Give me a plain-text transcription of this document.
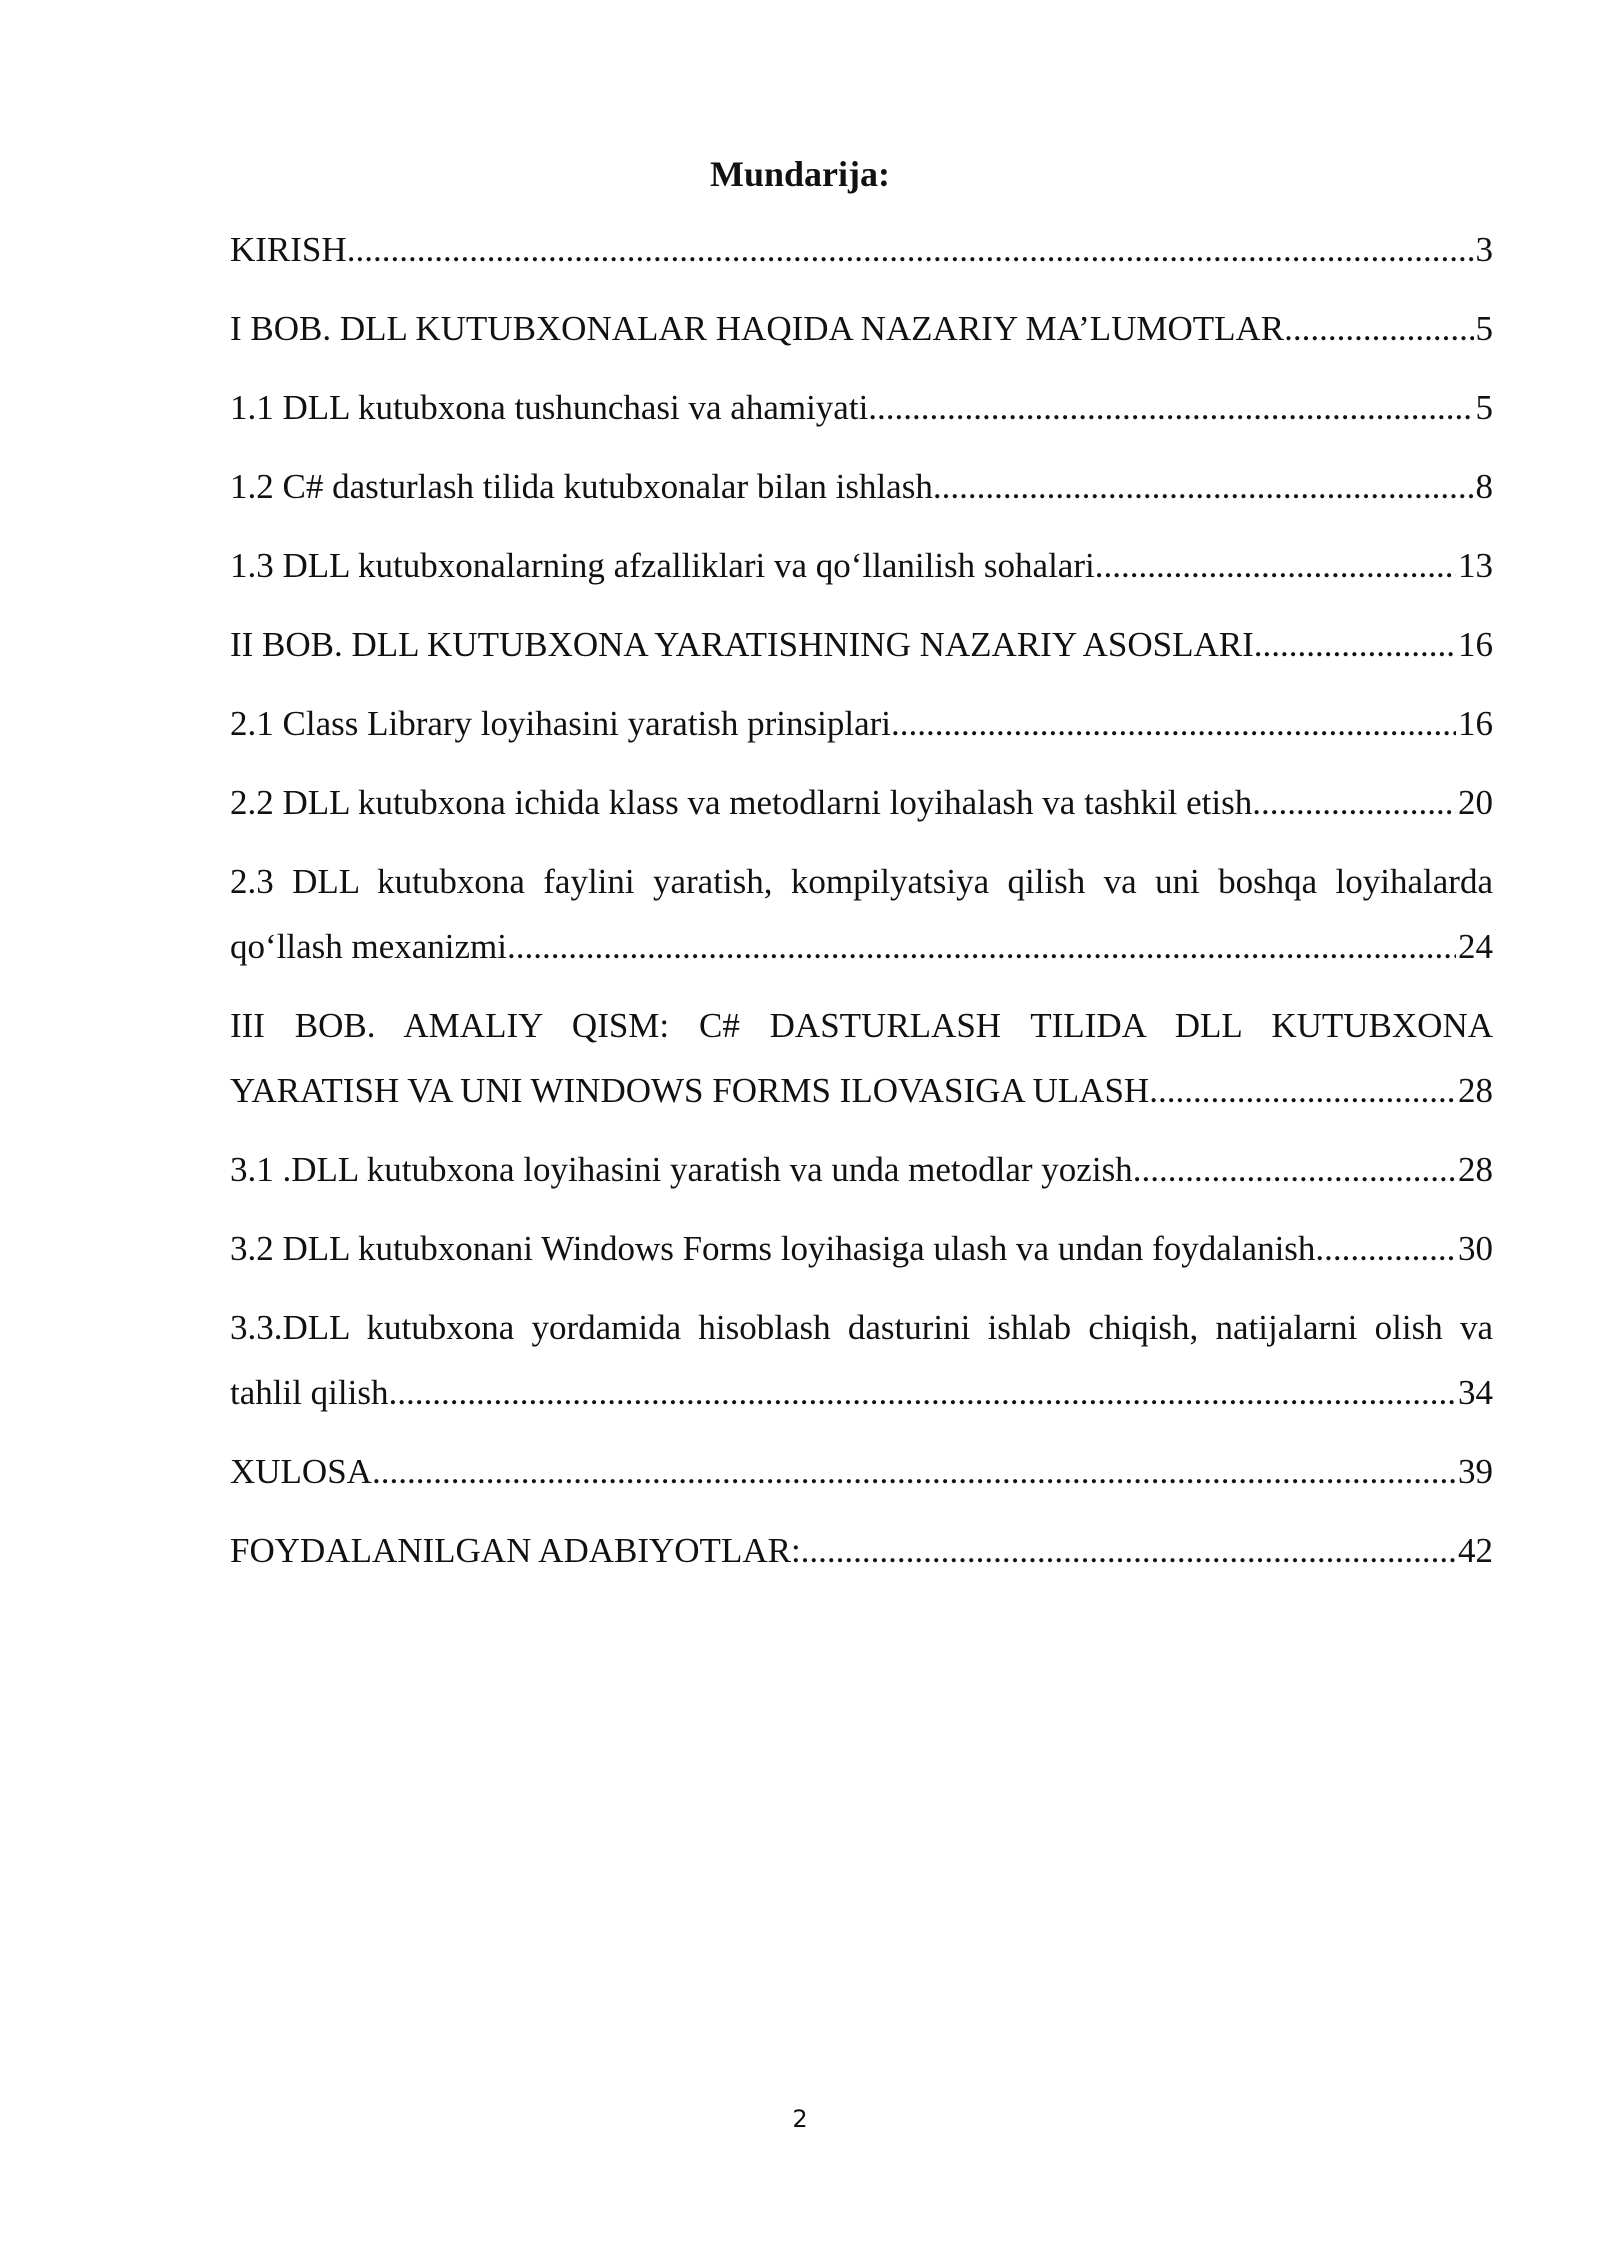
Mundarija:
KIRISH .....	3
I BOB. DLL KUTUBXONALAR HAQIDA NAZARIY MA’LUMOTLAR .....	5
1.1 DLL kutubxona tushunchasi va ahamiyati .....	5
1.2 C# dasturlash tilida kutubxonalar bilan ishlash .....	8
1.3 DLL kutubxonalarning afzalliklari va qo‘llanilish sohalari .....	13
II BOB. DLL KUTUBXONA YARATISHNING NAZARIY ASOSLARI .....	16
2.1 Class Library loyihasini yaratish prinsiplari .....	16
2.2 DLL kutubxona ichida klass va metodlarni loyihalash va tashkil etish .....	20
2.3 DLL kutubxona faylini yaratish, kompilyatsiya qilish va uni boshqa loyihalarda
qo‘llash mexanizmi .....	24
III BOB. AMALIY QISM: C# DASTURLASH TILIDA DLL KUTUBXONA
YARATISH VA UNI WINDOWS FORMS ILOVASIGA ULASH .....	28
3.1 .DLL kutubxona loyihasini yaratish va unda metodlar yozish .....	28
3.2 DLL kutubxonani Windows Forms loyihasiga ulash va undan foydalanish .....	30
3.3.DLL kutubxona yordamida hisoblash dasturini ishlab chiqish, natijalarni olish va
tahlil qilish .....	34
XULOSA .....	39
FOYDALANILGAN ADABIYOTLAR: .....	42
2
